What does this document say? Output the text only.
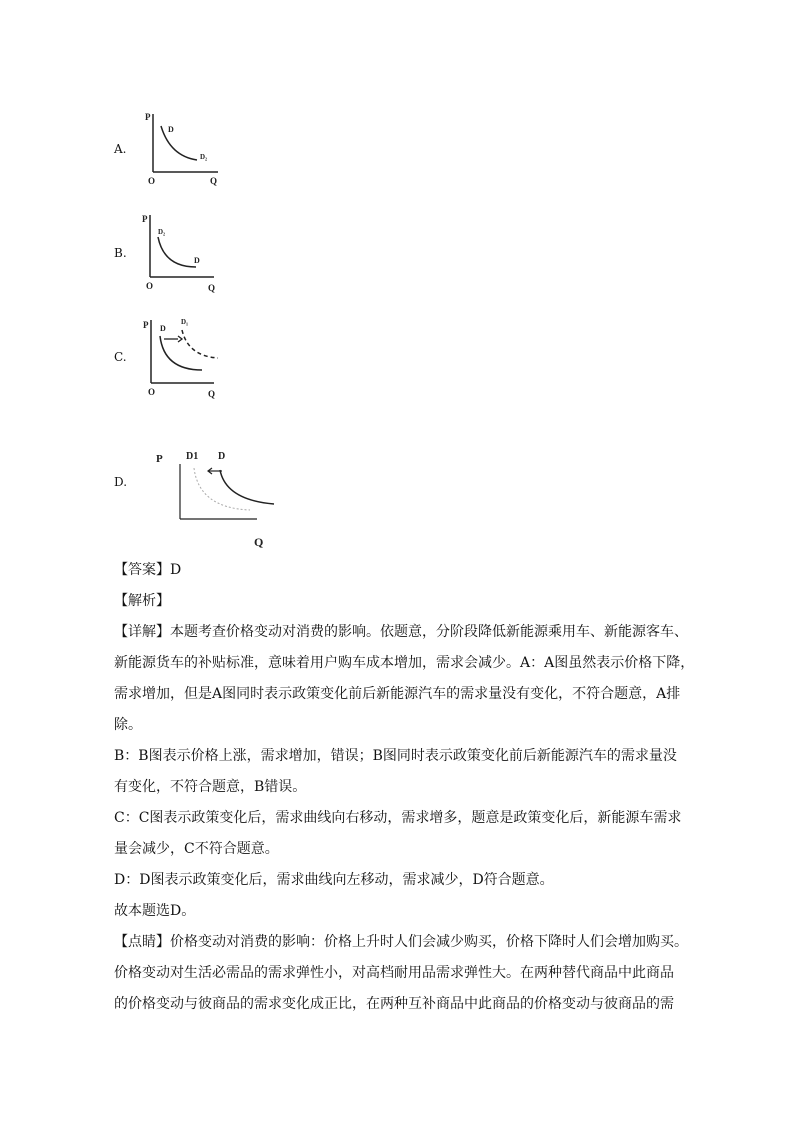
A.
P
O	Q
D
D₂
B.
P
O	Q
D₂
D
C.
P
O	Q
D
D₁
D.
P D1 D
Q
【答案】D
【解析】
【详解】本题考查价格变动对消费的影响。依题意，分阶段降低新能源乘用车、新能源客车、
新能源货车的补贴标准，意味着用户购车成本增加，需求会减少。A：A图虽然表示价格下降，
需求增加，但是A图同时表示政策变化前后新能源汽车的需求量没有变化，不符合题意，A排
除。
B：B图表示价格上涨，需求增加，错误；B图同时表示政策变化前后新能源汽车的需求量没
有变化，不符合题意，B错误。
C：C图表示政策变化后，需求曲线向右移动，需求增多，题意是政策变化后，新能源车需求
量会减少，C不符合题意。
D：D图表示政策变化后，需求曲线向左移动，需求减少，D符合题意。
故本题选D。
【点睛】价格变动对消费的影响：价格上升时人们会减少购买，价格下降时人们会增加购买。
价格变动对生活必需品的需求弹性小，对高档耐用品需求弹性大。在两种替代商品中此商品
的价格变动与彼商品的需求变化成正比，在两种互补商品中此商品的价格变动与彼商品的需
